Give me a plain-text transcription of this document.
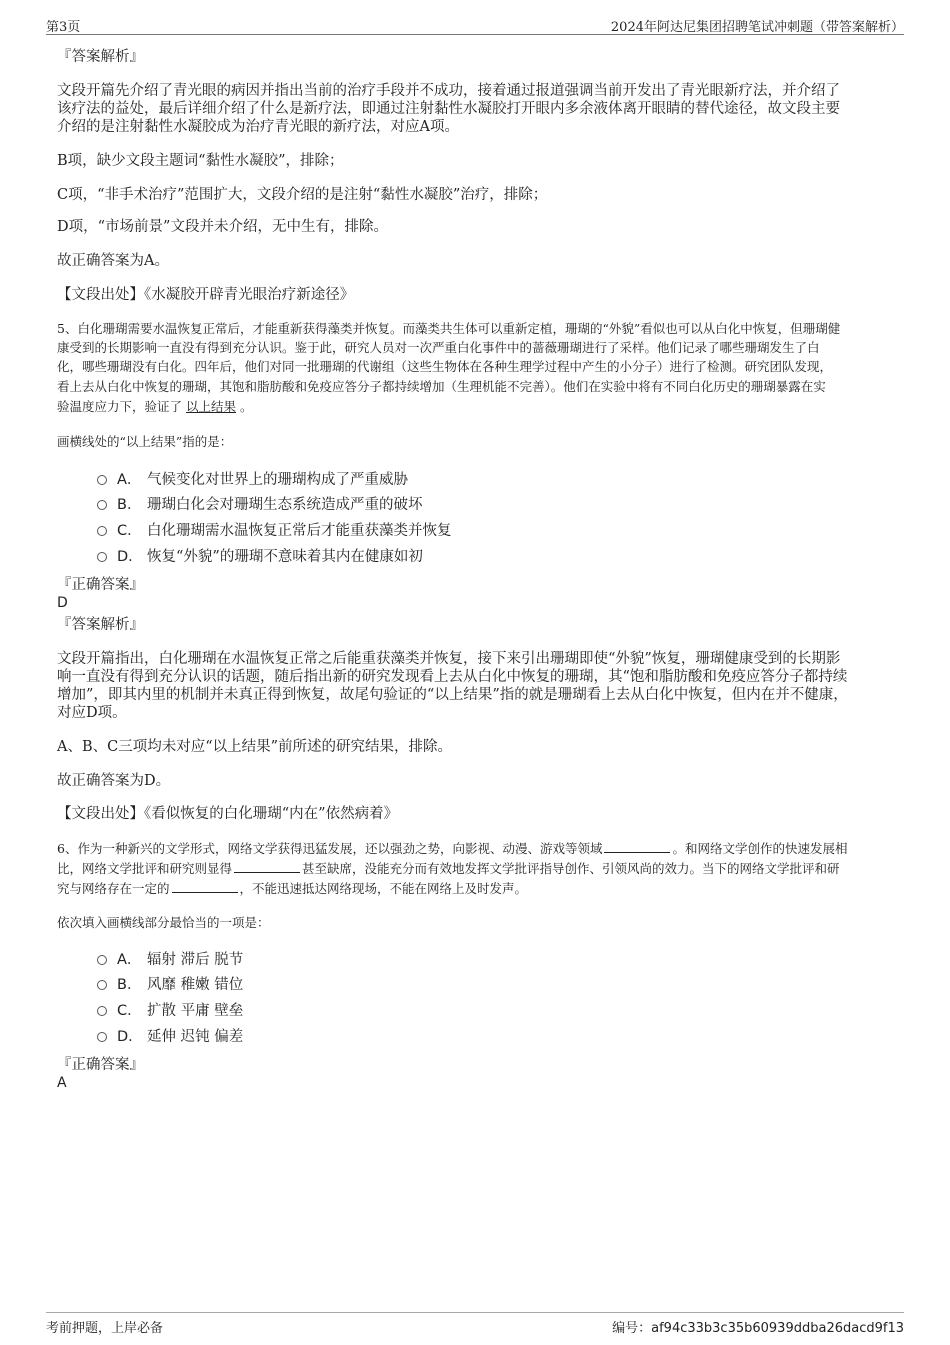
第3页	2024年阿达尼集团招聘笔试冲刺题（带答案解析）
『答案解析』
文段开篇先介绍了青光眼的病因并指出当前的治疗手段并不成功，接着通过报道强调当前开发出了青光眼新疗法，并介绍了
该疗法的益处，最后详细介绍了什么是新疗法，即通过注射黏性水凝胶打开眼内多余液体离开眼睛的替代途径，故文段主要
介绍的是注射黏性水凝胶成为治疗青光眼的新疗法，对应A项。
B项，缺少文段主题词“黏性水凝胶”，排除；
C项，“非手术治疗”范围扩大，文段介绍的是注射“黏性水凝胶”治疗，排除；
D项，“市场前景”文段并未介绍，无中生有，排除。
故正确答案为A。
【文段出处】《水凝胶开辟青光眼治疗新途径》
5、白化珊瑚需要水温恢复正常后，才能重新获得藻类并恢复。而藻类共生体可以重新定植，珊瑚的“外貌”看似也可以从白化中恢复，但珊瑚健
康受到的长期影响一直没有得到充分认识。鉴于此，研究人员对一次严重白化事件中的蔷薇珊瑚进行了采样。他们记录了哪些珊瑚发生了白
化，哪些珊瑚没有白化。四年后，他们对同一批珊瑚的代谢组（这些生物体在各种生理学过程中产生的小分子）进行了检测。研究团队发现，
看上去从白化中恢复的珊瑚，其饱和脂肪酸和免疫应答分子都持续增加（生理机能不完善）。他们在实验中将有不同白化历史的珊瑚暴露在实
验温度应力下，验证了 以上结果 。
画横线处的“以上结果”指的是：
A． 气候变化对世界上的珊瑚构成了严重威胁
B． 珊瑚白化会对珊瑚生态系统造成严重的破坏
C． 白化珊瑚需水温恢复正常后才能重获藻类并恢复
D． 恢复“外貌”的珊瑚不意味着其内在健康如初
『正确答案』
D
『答案解析』
文段开篇指出，白化珊瑚在水温恢复正常之后能重获藻类并恢复，接下来引出珊瑚即使“外貌”恢复，珊瑚健康受到的长期影
响一直没有得到充分认识的话题，随后指出新的研究发现看上去从白化中恢复的珊瑚，其“饱和脂肪酸和免疫应答分子都持续
增加”，即其内里的机制并未真正得到恢复，故尾句验证的“以上结果”指的就是珊瑚看上去从白化中恢复，但内在并不健康，
对应D项。
A、B、C三项均未对应“以上结果”前所述的研究结果，排除。
故正确答案为D。
【文段出处】《看似恢复的白化珊瑚“内在”依然病着》
6、作为一种新兴的文学形式，网络文学获得迅猛发展，还以强劲之势，向影视、动漫、游戏等领域	。和网络文学创作的快速发展相
比，网络文学批评和研究则显得	甚至缺席，没能充分而有效地发挥文学批评指导创作、引领风尚的效力。当下的网络文学批评和研
究与网络存在一定的	，不能迅速抵达网络现场，不能在网络上及时发声。
依次填入画横线部分最恰当的一项是：
A． 辐射 滞后 脱节
B． 风靡 稚嫩 错位
C． 扩散 平庸 壁垒
D． 延伸 迟钝 偏差
『正确答案』
A
考前押题，上岸必备	编号：af94c33b3c35b60939ddba26dacd9f13
